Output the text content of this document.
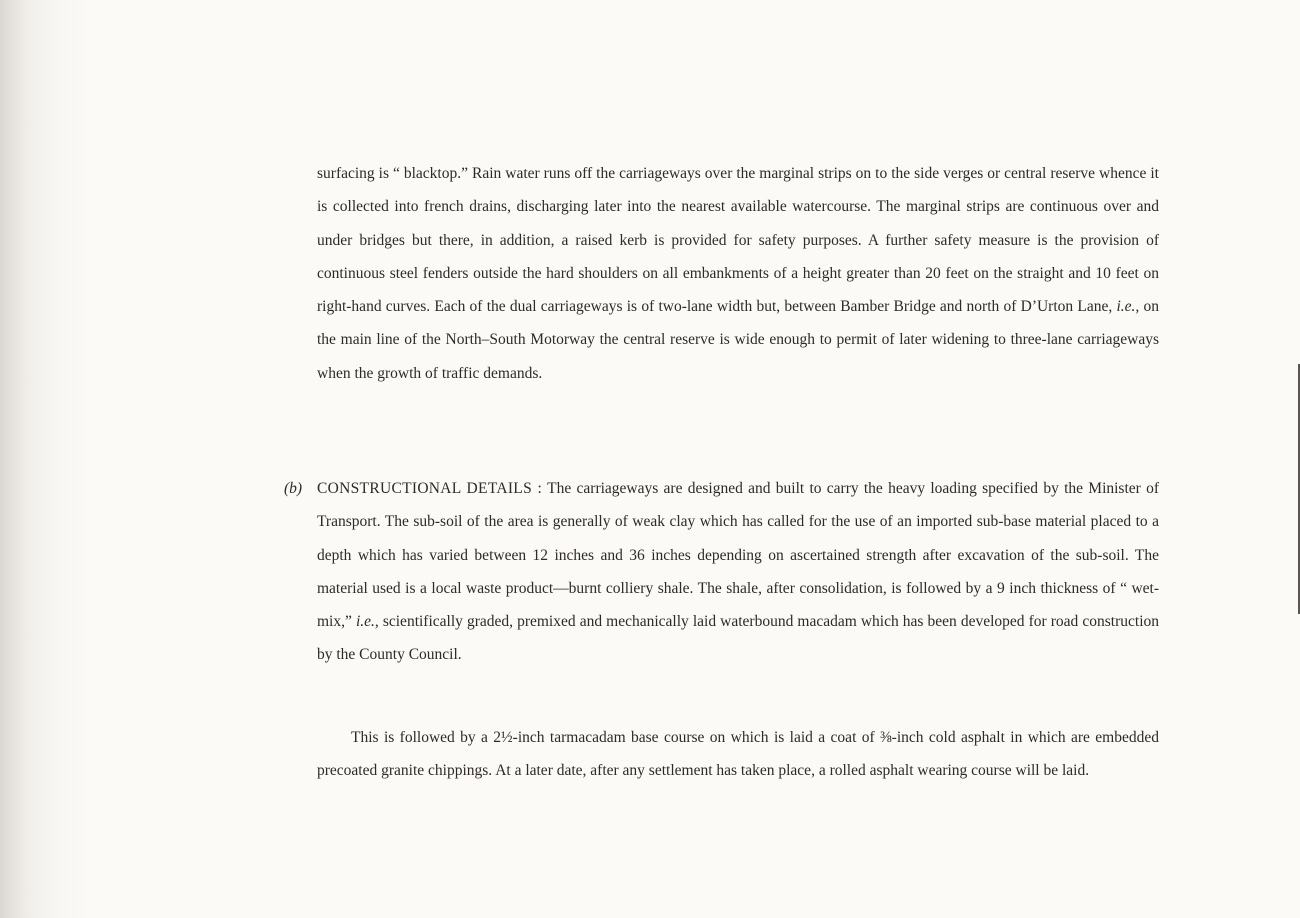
surfacing is “ blacktop.” Rain water runs off the carriageways over the marginal strips on to the side verges or central reserve whence it is collected into french drains, discharging later into the nearest available watercourse. The marginal strips are continuous over and under bridges but there, in addition, a raised kerb is provided for safety purposes. A further safety measure is the provision of continuous steel fenders outside the hard shoulders on all embankments of a height greater than 20 feet on the straight and 10 feet on right-hand curves. Each of the dual carriageways is of two-lane width but, between Bamber Bridge and north of D’Urton Lane, i.e., on the main line of the North–South Motorway the central reserve is wide enough to permit of later widening to three-lane carriageways when the growth of traffic demands.

(b) CONSTRUCTIONAL DETAILS : The carriageways are designed and built to carry the heavy loading specified by the Minister of Transport. The sub-soil of the area is generally of weak clay which has called for the use of an imported sub-base material placed to a depth which has varied between 12 inches and 36 inches depending on ascertained strength after excavation of the sub-soil. The material used is a local waste product—burnt colliery shale. The shale, after consolidation, is followed by a 9 inch thickness of “ wet-mix,” i.e., scientifically graded, premixed and mechanically laid waterbound macadam which has been developed for road construction by the County Council.

This is followed by a 2½-inch tarmacadam base course on which is laid a coat of ⅜-inch cold asphalt in which are embedded precoated granite chippings. At a later date, after any settlement has taken place, a rolled asphalt wearing course will be laid.
